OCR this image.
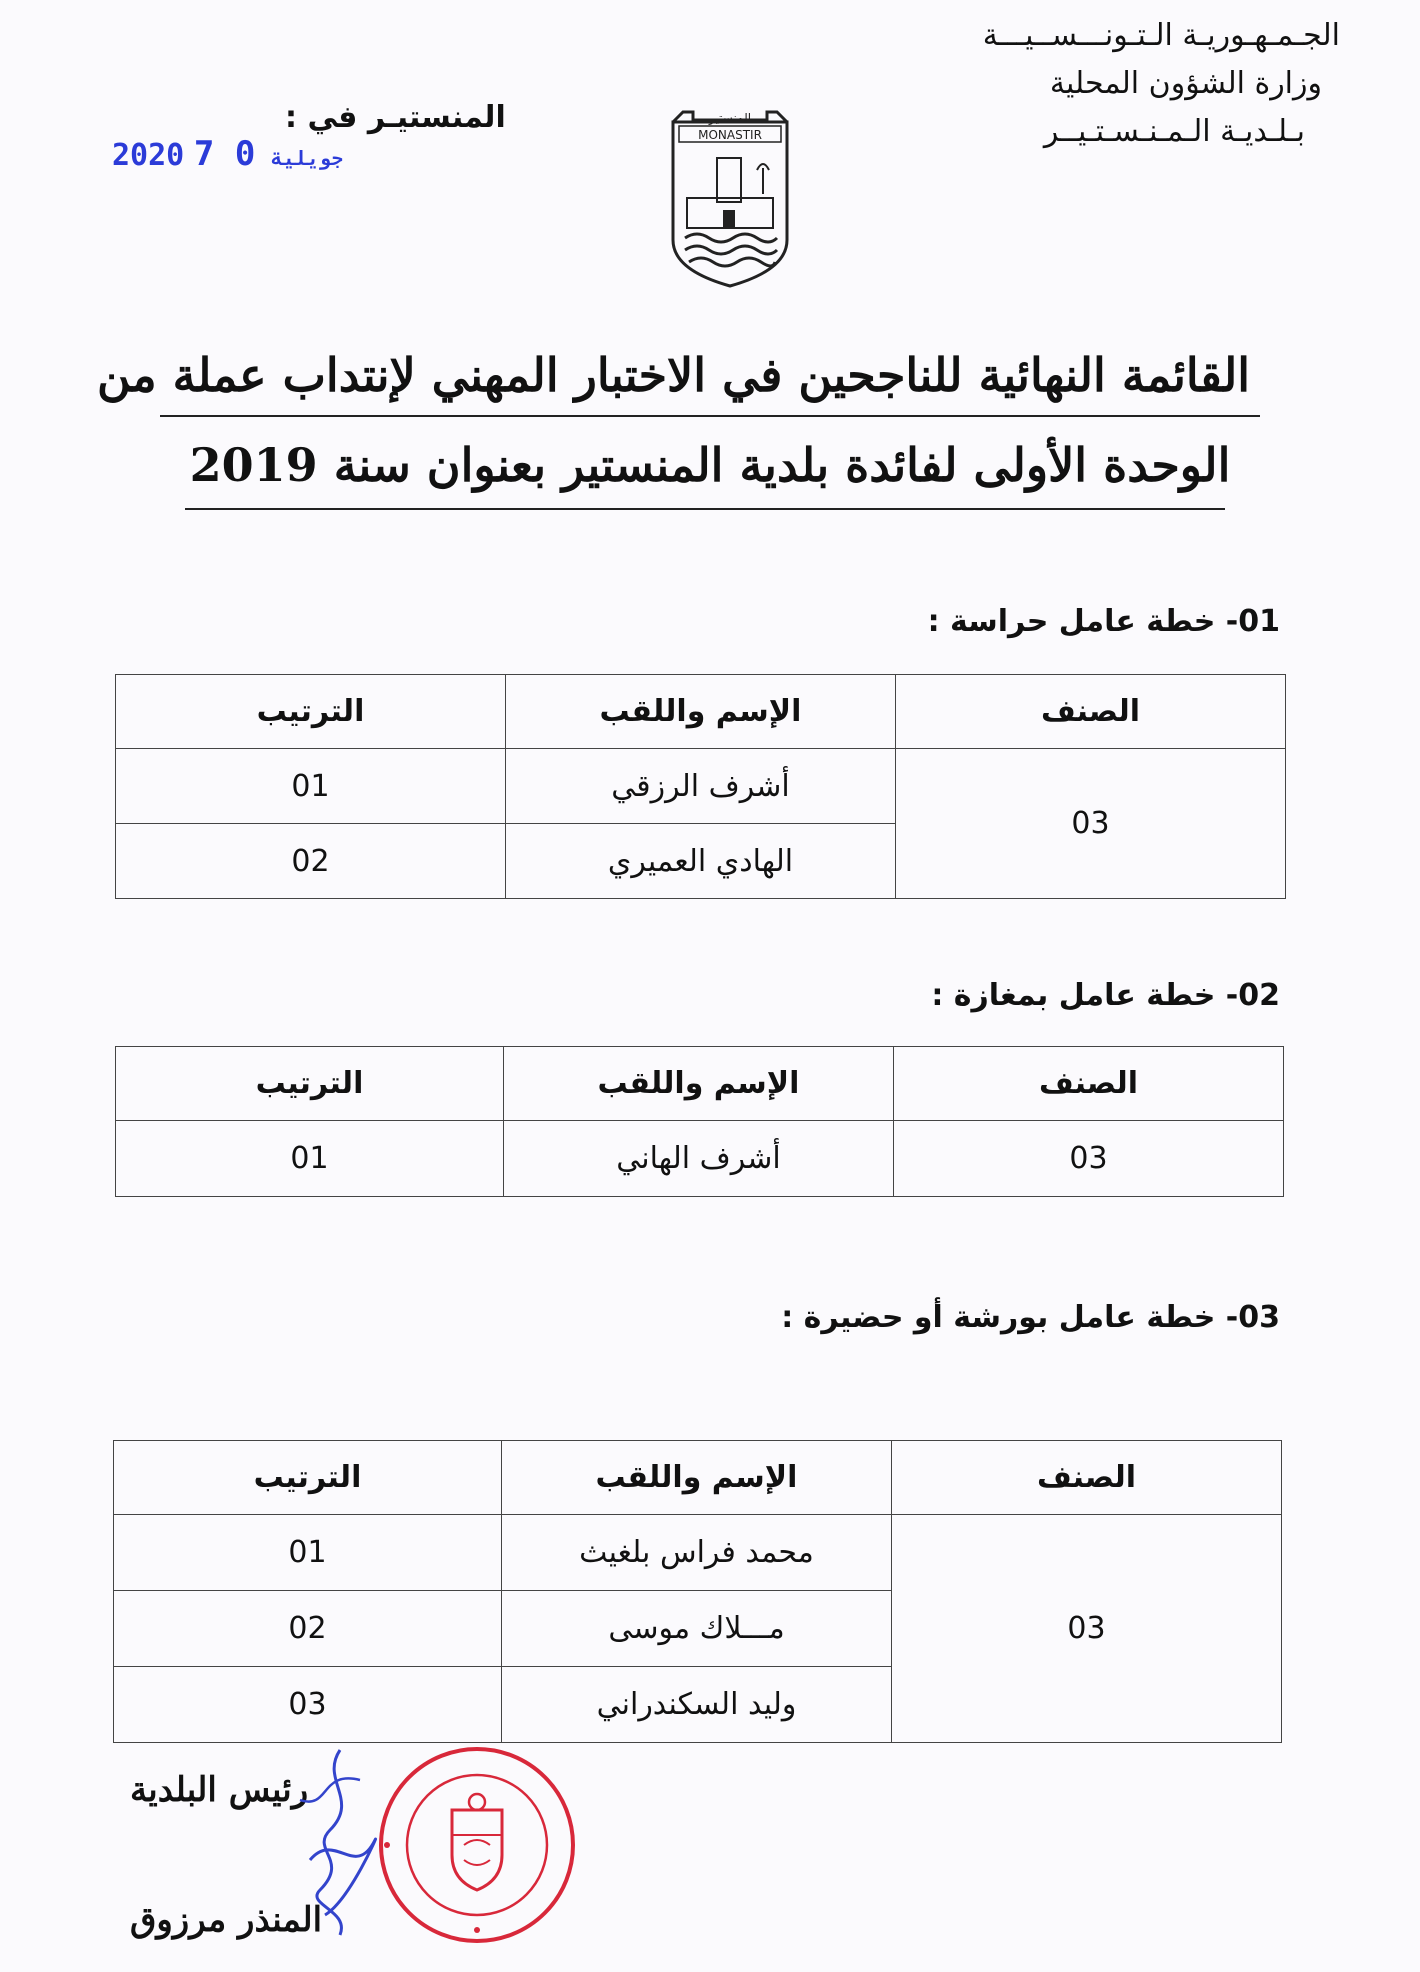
الجـمـهـوريـة الـتـونـــســيـــة
وزارة الشؤون المحلية
بـلـديـة الـمـنـسـتـيــر
المنستيـر في :
2020	جويلية 0 7
المنستير
MONASTIR
القائمة النهائية للناجحين في الاختبار المهني لإنتداب عملة من
الوحدة الأولى لفائدة بلدية المنستير بعنوان سنة 2019
01- خطة عامل حراسة :
الصنف	الإسم واللقب	الترتيب
03	أشرف الرزقي	01
	الهادي العميري	02
02- خطة عامل بمغازة :
الصنف	الإسم واللقب	الترتيب
03	أشرف الهاني	01
03- خطة عامل بورشة أو حضيرة :
الصنف	الإسم واللقب	الترتيب
03	محمد فراس بلغيث	01
	مـــلاك موسى	02
	وليد السكندراني	03
رئيس البلدية
المنذر مرزوق
